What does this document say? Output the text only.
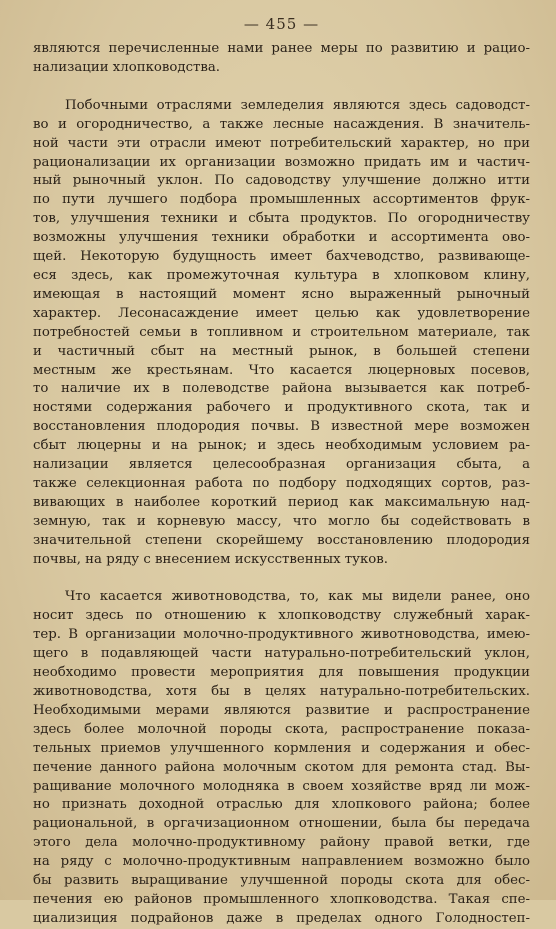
— 455 —
являются перечисленные нами ранее меры по развитию и рацио-
нализации хлопководства.
Побочными отраслями земледелия являются здесь садоводст-
во и огородничество, а также лесные насаждения. В значитель-
ной части эти отрасли имеют потребительский характер, но при
рационализации их организации возможно придать им и частич-
ный рыночный уклон. По садоводству улучшение должно итти
по пути лучшего подбора промышленных ассортиментов фрук-
тов, улучшения техники и сбыта продуктов. По огородничеству
возможны улучшения техники обработки и ассортимента ово-
щей. Некоторую будущность имеет бахчеводство, развивающе-
еся здесь, как промежуточная культура в хлопковом клину,
имеющая в настоящий момент ясно выраженный рыночный
характер. Лесонасаждение имеет целью как удовлетворение
потребностей семьи в топливном и строительном материале, так
и частичный сбыт на местный рынок, в большей степени
местным же крестьянам. Что касается люцерновых посевов,
то наличие их в полеводстве района вызывается как потреб-
ностями содержания рабочего и продуктивного скота, так и
восстановления плодородия почвы. В известной мере возможен
сбыт люцерны и на рынок; и здесь необходимым условием ра-
нализации является целесообразная организация сбыта, а
также селекционная работа по подбору подходящих сортов, раз-
вивающих в наиболее короткий период как максимальную над-
земную, так и корневую массу, что могло бы содействовать в
значительной степени скорейшему восстановлению плодородия
почвы, на ряду с внесением искусственных туков.
Что касается животноводства, то, как мы видели ранее, оно
носит здесь по отношению к хлопководству служебный харак-
тер. В организации молочно-продуктивного животноводства, имею-
щего в подавляющей части натурально-потребительский уклон,
необходимо провести мероприятия для повышения продукции
животноводства, хотя бы в целях натурально-потребительских.
Необходимыми мерами являются развитие и распространение
здесь более молочной породы скота, распространение показа-
тельных приемов улучшенного кормления и содержания и обес-
печение данного района молочным скотом для ремонта стад. Вы-
ращивание молочного молодняка в своем хозяйстве вряд ли мож-
но признать доходной отраслью для хлопкового района; более
рациональной, в оргачизационном отношении, была бы передача
этого дела молочно-продуктивному району правой ветки, где
на ряду с молочно-продуктивным направлением возможно было
бы развить выращивание улучшенной породы скота для обес-
печения ею районов промышленного хлопководства. Такая спе-
циализиция подрайонов даже в пределах одного Голодностеп-
